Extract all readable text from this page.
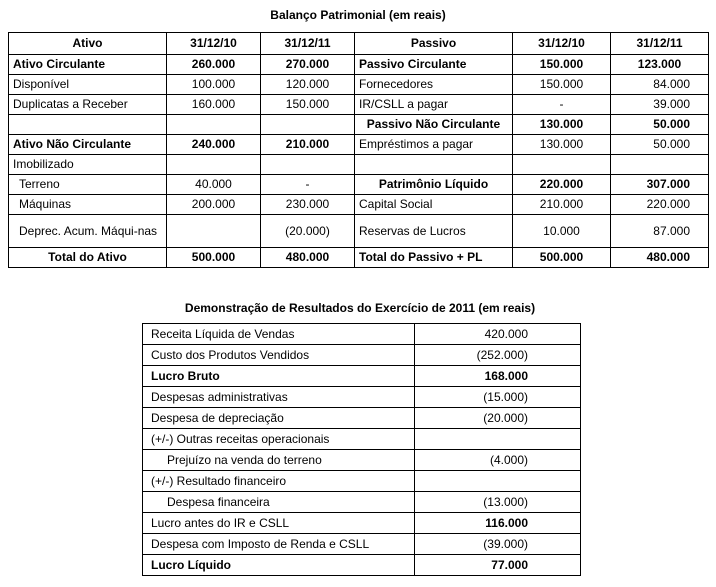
Balanço Patrimonial (em reais)
Ativo	31/12/10	31/12/11	Passivo	31/12/10	31/12/11
Ativo Circulante	260.000	270.000	Passivo Circulante	150.000	123.000
Disponível	100.000	120.000	Fornecedores	150.000	84.000
Duplicatas a Receber	160.000	150.000	IR/CSLL a pagar	-	39.000
			Passivo Não Circulante	130.000	50.000
Ativo Não Circulante	240.000	210.000	Empréstimos a pagar	130.000	50.000
Imobilizado					
Terreno	40.000	-	Patrimônio Líquido	220.000	307.000
Máquinas	200.000	230.000	Capital Social	210.000	220.000
Deprec. Acum. Máqui-nas		(20.000)	Reservas de Lucros	10.000	87.000
Total do Ativo	500.000	480.000	Total do Passivo + PL	500.000	480.000
Demonstração de Resultados do Exercício de 2011 (em reais)
Receita Líquida de Vendas	420.000
Custo dos Produtos Vendidos	(252.000)
Lucro Bruto	168.000
Despesas administrativas	(15.000)
Despesa de depreciação	(20.000)
(+/-) Outras receitas operacionais	
Prejuízo na venda do terreno	(4.000)
(+/-) Resultado financeiro	
Despesa financeira	(13.000)
Lucro antes do IR e CSLL	116.000
Despesa com Imposto de Renda e CSLL	(39.000)
Lucro Líquido	77.000
